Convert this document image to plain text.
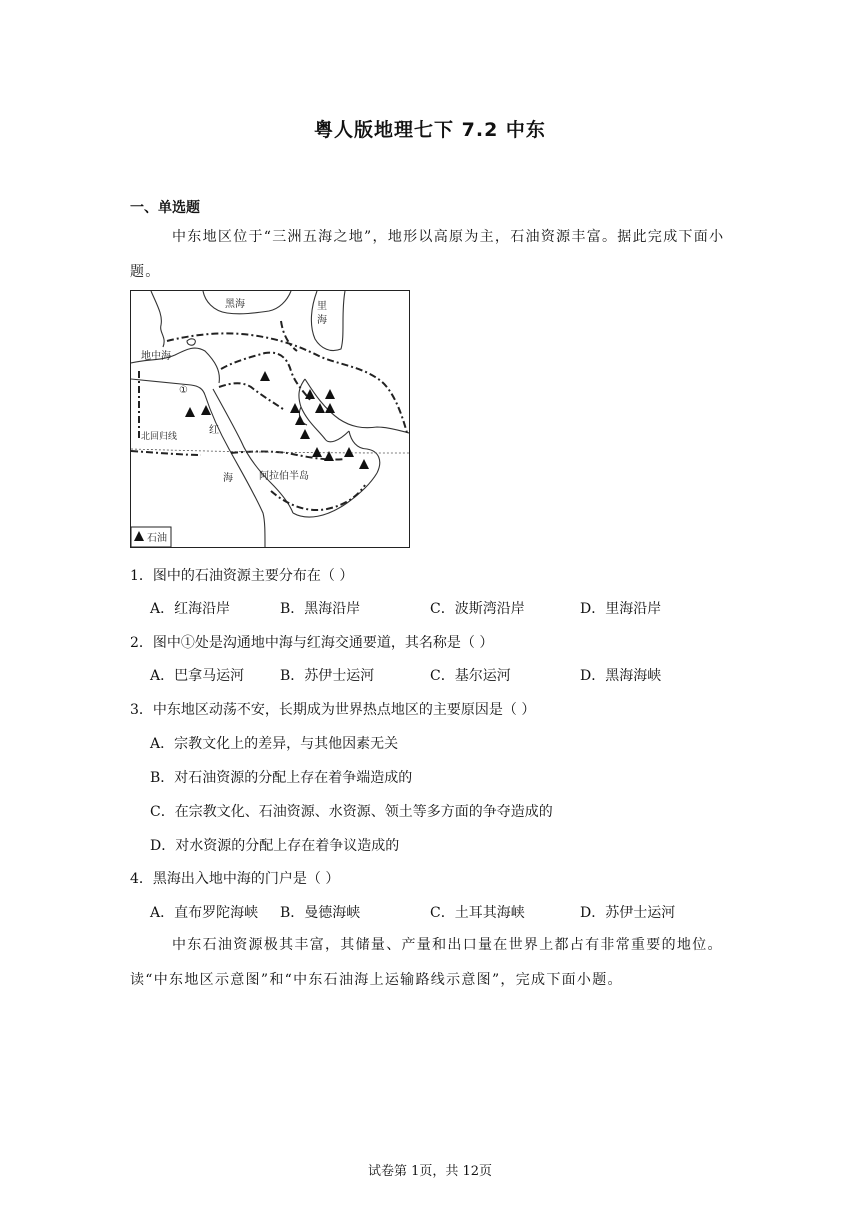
粤人版地理七下 7.2 中东
一、单选题
中东地区位于“三洲五海之地”，地形以高原为主，石油资源丰富。据此完成下面小题。
黑海	里
海
地中海
①
红
海
北回归线
阿拉伯半岛
石油
1．图中的石油资源主要分布在（ ）
A．红海沿岸	B．黑海沿岸	C．波斯湾沿岸	D．里海沿岸
2．图中①处是沟通地中海与红海交通要道，其名称是（ ）
A．巴拿马运河	B．苏伊士运河	C．基尔运河	D．黑海海峡
3．中东地区动荡不安，长期成为世界热点地区的主要原因是（ ）
A．宗教文化上的差异，与其他因素无关
B．对石油资源的分配上存在着争端造成的
C．在宗教文化、石油资源、水资源、领土等多方面的争夺造成的
D．对水资源的分配上存在着争议造成的
4．黑海出入地中海的门户是（ ）
A．直布罗陀海峡 B．曼德海峡	C．土耳其海峡	D．苏伊士运河
中东石油资源极其丰富，其储量、产量和出口量在世界上都占有非常重要的地位。读“中东地区示意图”和“中东石油海上运输路线示意图”，完成下面小题。
试卷第 1页，共 12页
